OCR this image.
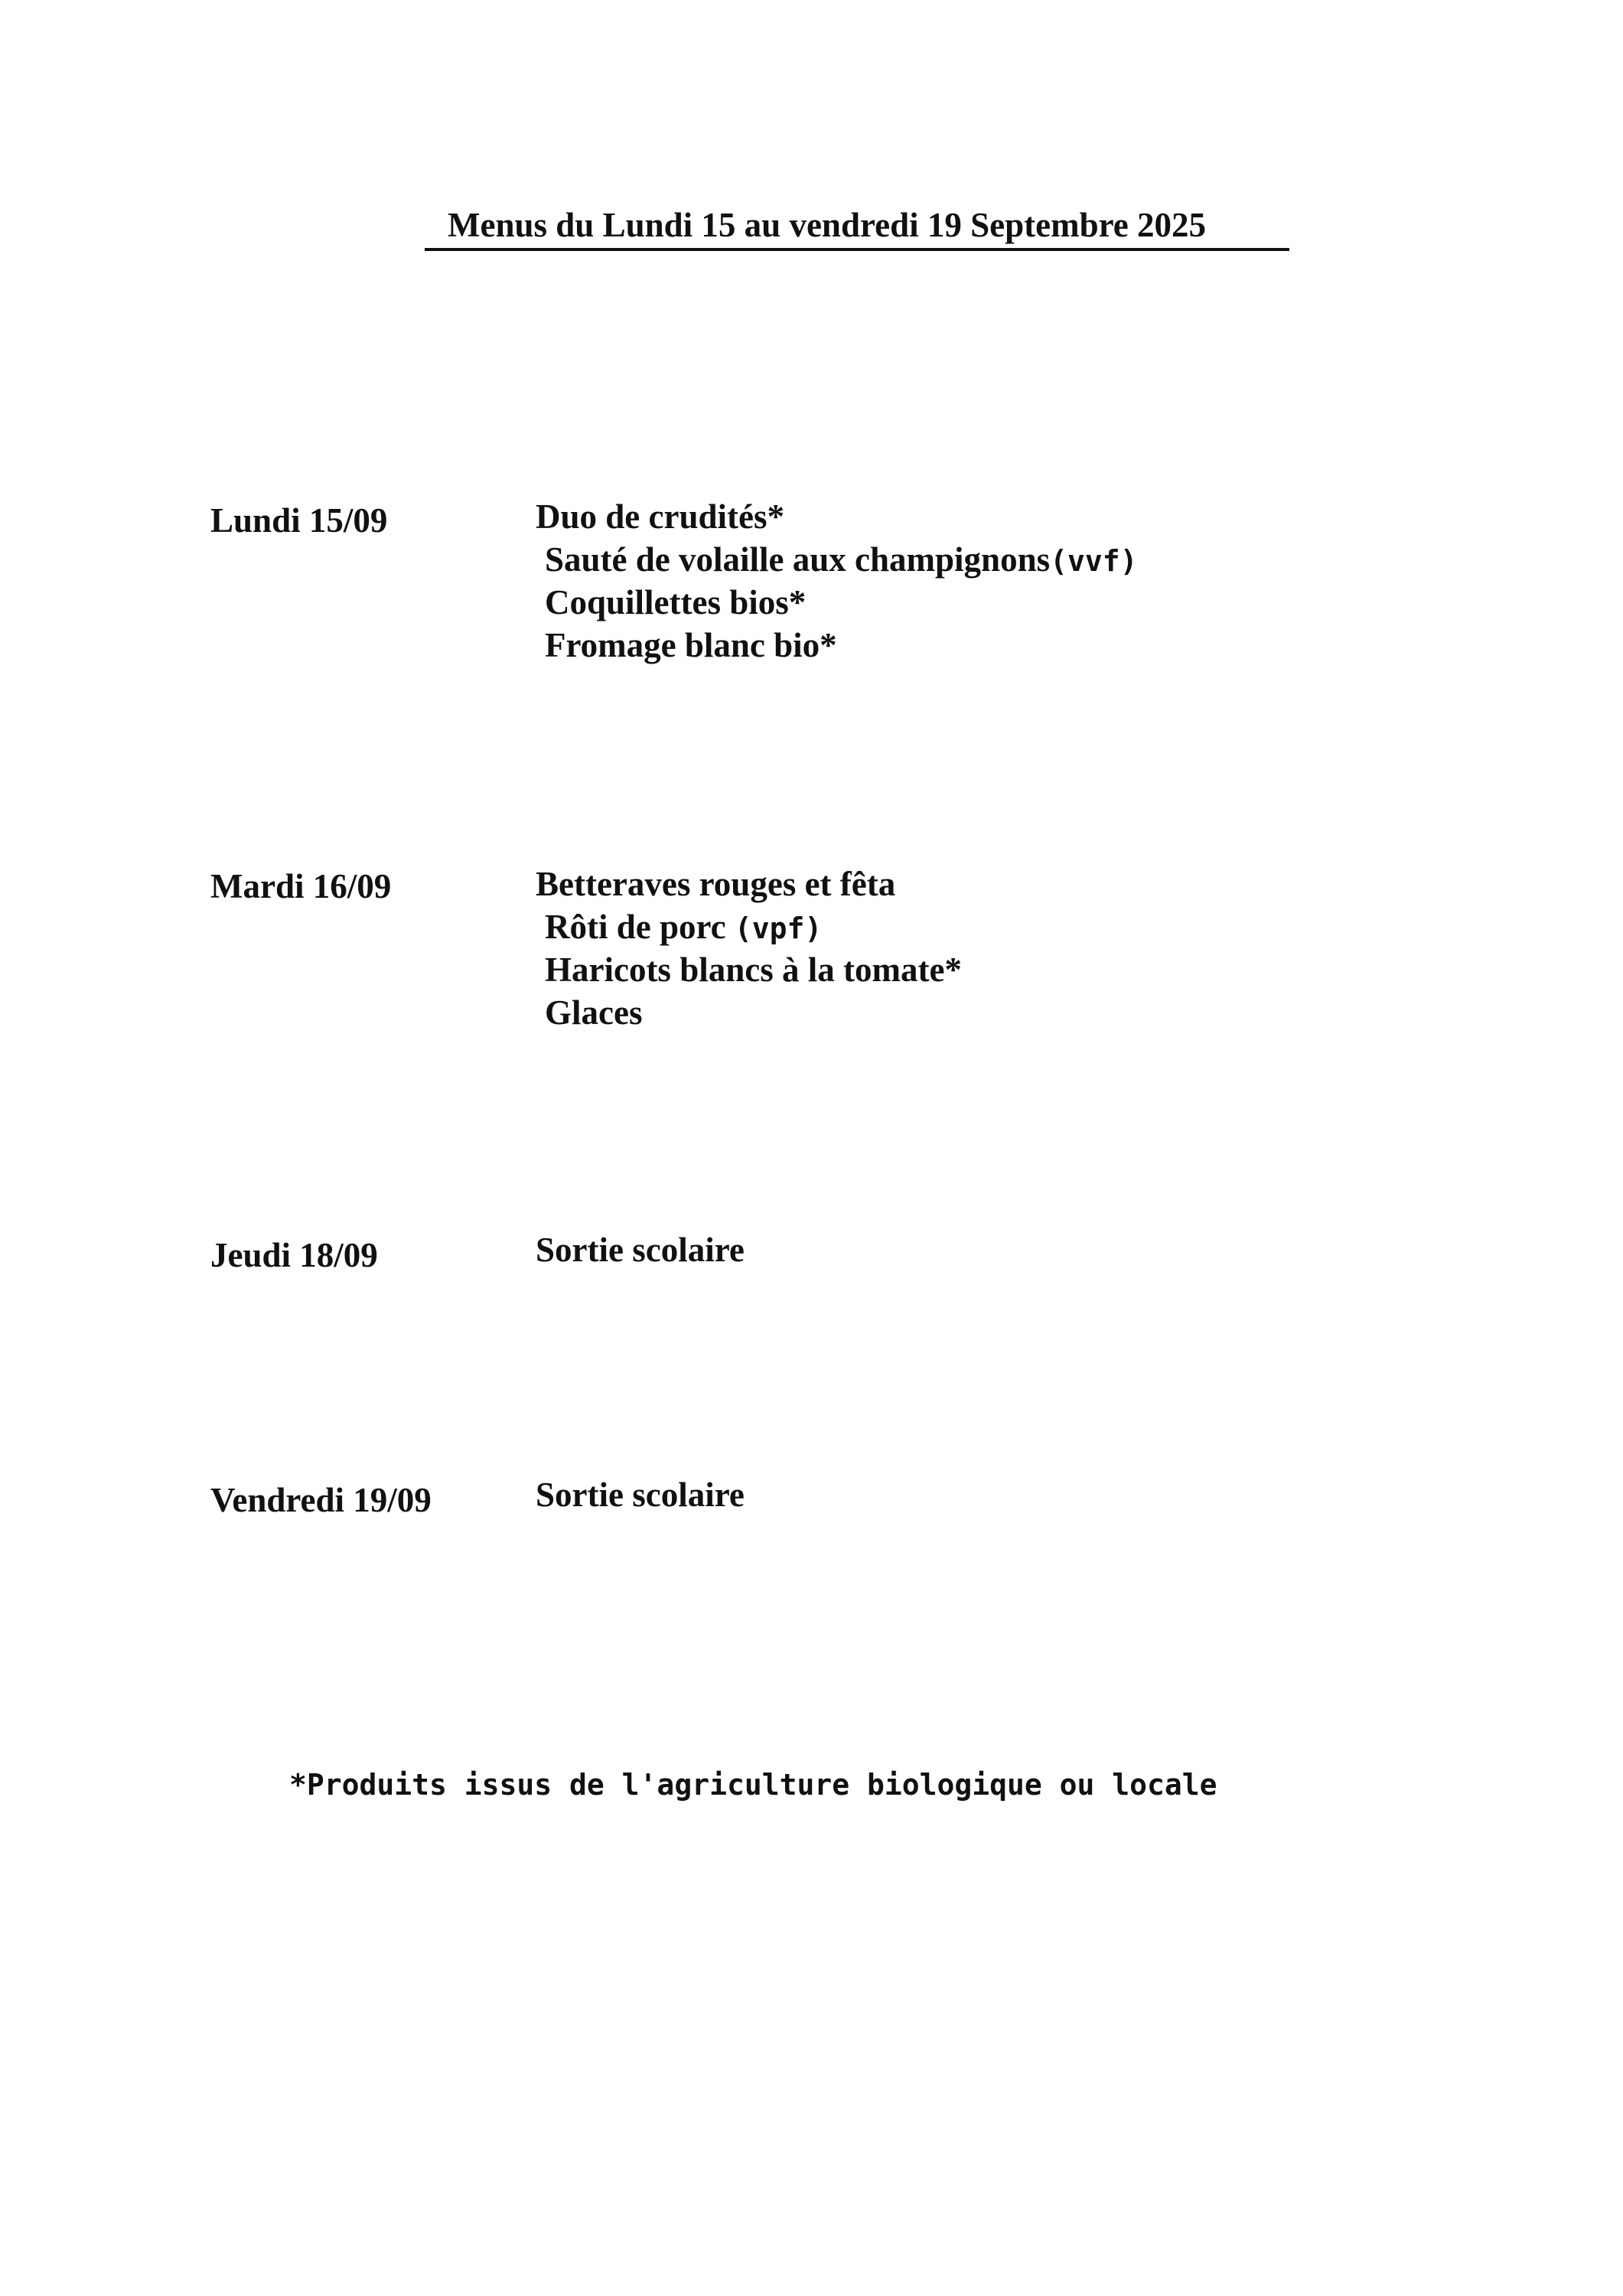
Menus du Lundi 15 au vendredi 19 Septembre 2025
Lundi 15/09	Duo de crudités*
Sauté de volaille aux champignons(vvf)
Coquillettes bios*
Fromage blanc bio*
Mardi 16/09	Betteraves rouges et fêta
Rôti de porc (vpf)
Haricots blancs à la tomate*
Glaces
Jeudi 18/09	Sortie scolaire
Vendredi 19/09	Sortie scolaire
*Produits issus de l'agriculture biologique ou locale
